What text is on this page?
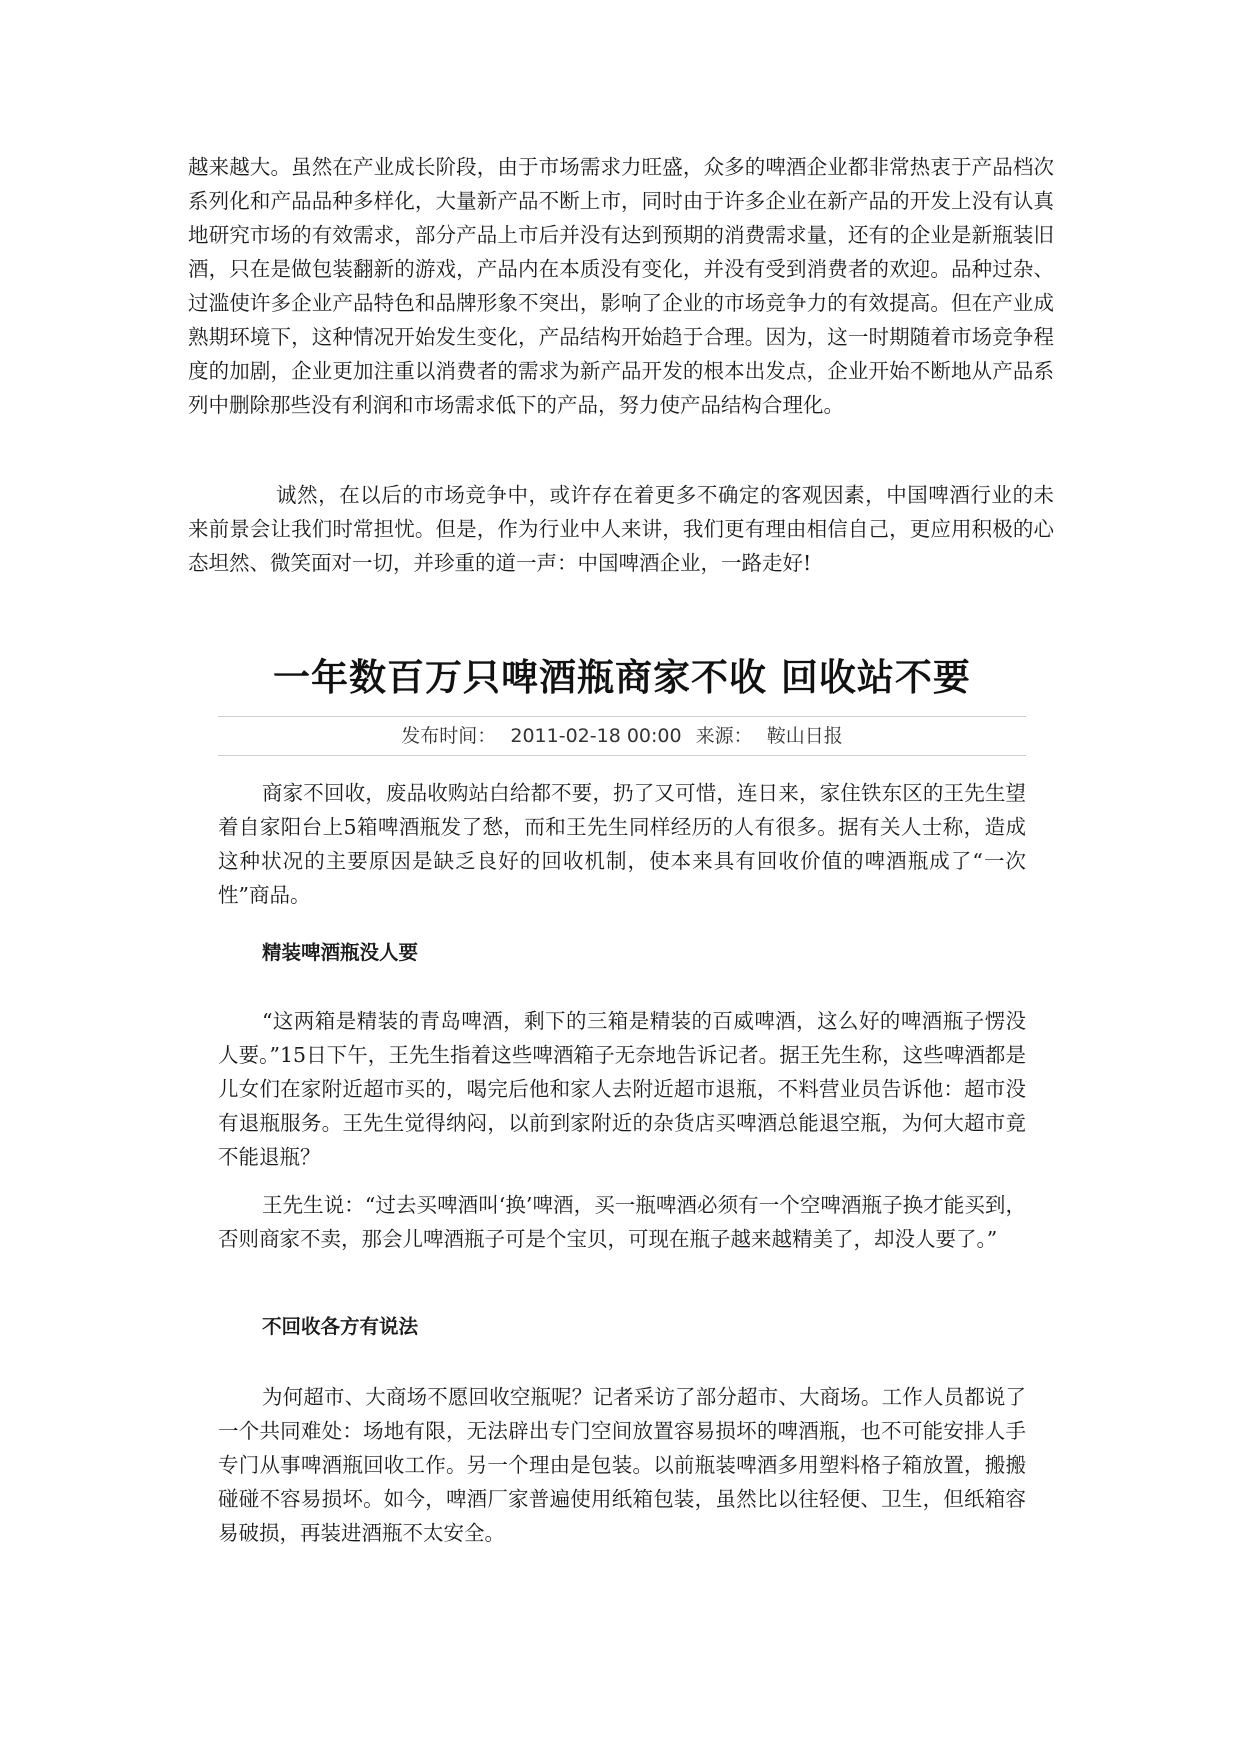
越来越大。虽然在产业成长阶段，由于市场需求力旺盛，众多的啤酒企业都非常热衷于产品档次系列化和产品品种多样化，大量新产品不断上市，同时由于许多企业在新产品的开发上没有认真地研究市场的有效需求，部分产品上市后并没有达到预期的消费需求量，还有的企业是新瓶装旧酒，只在是做包装翻新的游戏，产品内在本质没有变化，并没有受到消费者的欢迎。品种过杂、过滥使许多企业产品特色和品牌形象不突出，影响了企业的市场竞争力的有效提高。但在产业成熟期环境下，这种情况开始发生变化，产品结构开始趋于合理。因为，这一时期随着市场竞争程度的加剧，企业更加注重以消费者的需求为新产品开发的根本出发点，企业开始不断地从产品系列中删除那些没有利润和市场需求低下的产品，努力使产品结构合理化。

诚然，在以后的市场竞争中，或许存在着更多不确定的客观因素，中国啤酒行业的未来前景会让我们时常担忧。但是，作为行业中人来讲，我们更有理由相信自己，更应用积极的心态坦然、微笑面对一切，并珍重的道一声：中国啤酒企业，一路走好!

一年数百万只啤酒瓶商家不收 回收站不要
发布时间： 2011-02-18 00:00 来源： 鞍山日报

商家不回收，废品收购站白给都不要，扔了又可惜，连日来，家住铁东区的王先生望着自家阳台上5箱啤酒瓶发了愁，而和王先生同样经历的人有很多。据有关人士称，造成这种状况的主要原因是缺乏良好的回收机制，使本来具有回收价值的啤酒瓶成了“一次性”商品。

精装啤酒瓶没人要

“这两箱是精装的青岛啤酒，剩下的三箱是精装的百威啤酒，这么好的啤酒瓶子愣没人要。”15日下午，王先生指着这些啤酒箱子无奈地告诉记者。据王先生称，这些啤酒都是儿女们在家附近超市买的，喝完后他和家人去附近超市退瓶，不料营业员告诉他：超市没有退瓶服务。王先生觉得纳闷，以前到家附近的杂货店买啤酒总能退空瓶，为何大超市竟不能退瓶？

王先生说：“过去买啤酒叫‘换’啤酒，买一瓶啤酒必须有一个空啤酒瓶子换才能买到，否则商家不卖，那会儿啤酒瓶子可是个宝贝，可现在瓶子越来越精美了，却没人要了。”

不回收各方有说法

为何超市、大商场不愿回收空瓶呢？记者采访了部分超市、大商场。工作人员都说了一个共同难处：场地有限，无法辟出专门空间放置容易损坏的啤酒瓶，也不可能安排人手专门从事啤酒瓶回收工作。另一个理由是包装。以前瓶装啤酒多用塑料格子箱放置，搬搬碰碰不容易损坏。如今，啤酒厂家普遍使用纸箱包装，虽然比以往轻便、卫生，但纸箱容易破损，再装进酒瓶不太安全。
